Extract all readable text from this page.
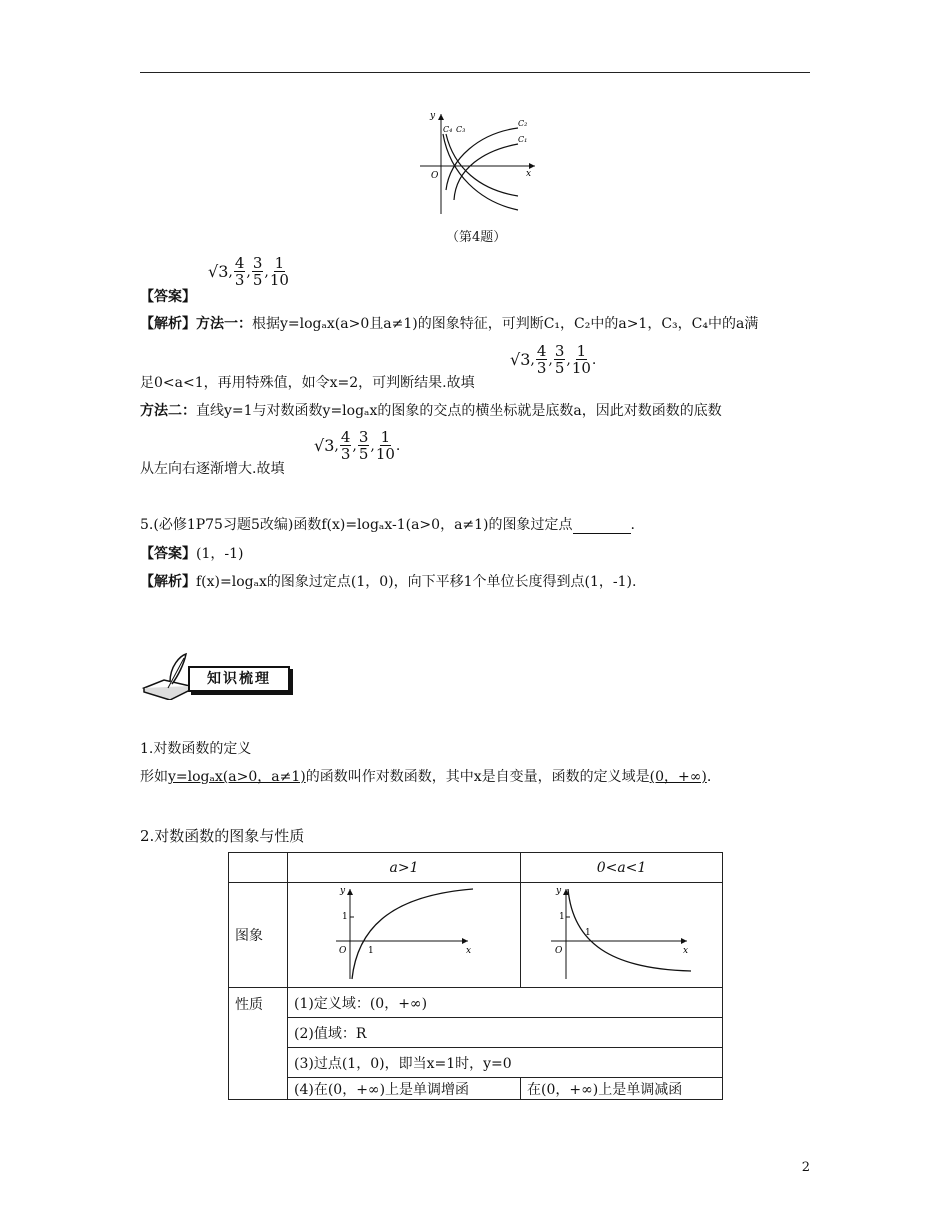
y
x
O
C₄ C₃
C₂
C₁
（第4题）
【答案】
√3 , $\frac{4}{3}$ , $\frac{3}{5}$ , $\frac{1}{10}$
【解析】方法一：根据y=logₐx(a>0且a≠1)的图象特征，可判断C₁，C₂中的a>1，C₃，C₄中的a满
足0<a<1，再用特殊值，如令x=2，可判断结果.故填
√3 , $\frac{4}{3}$ , $\frac{3}{5}$ , $\frac{1}{10}$ .
方法二：直线y=1与对数函数y=logₐx的图象的交点的横坐标就是底数a，因此对数函数的底数
从左向右逐渐增大.故填
√3 , $\frac{4}{3}$ , $\frac{3}{5}$ , $\frac{1}{10}$ .
5.(必修1P75习题5改编)函数f(x)=logₐx-1(a>0，a≠1)的图象过定点	.
【答案】(1，-1)
【解析】f(x)=logₐx的图象过定点(1，0)，向下平移1个单位长度得到点(1，-1).
知识梳理
1.对数函数的定义
形如y=logₐx(a>0，a≠1)的函数叫作对数函数，其中x是自变量，函数的定义域是(0，+∞).
2.对数函数的图象与性质
	a>1	0<a<1
图象	y
x
O
1
1	y
x
O
1
1

性质	(1)定义域：(0，+∞)	
	(2)值域：R	
	(3)过点(1，0)，即当x=1时，y=0	
	(4)在(0，+∞)上是单调增函	在(0，+∞)上是单调减函
2
